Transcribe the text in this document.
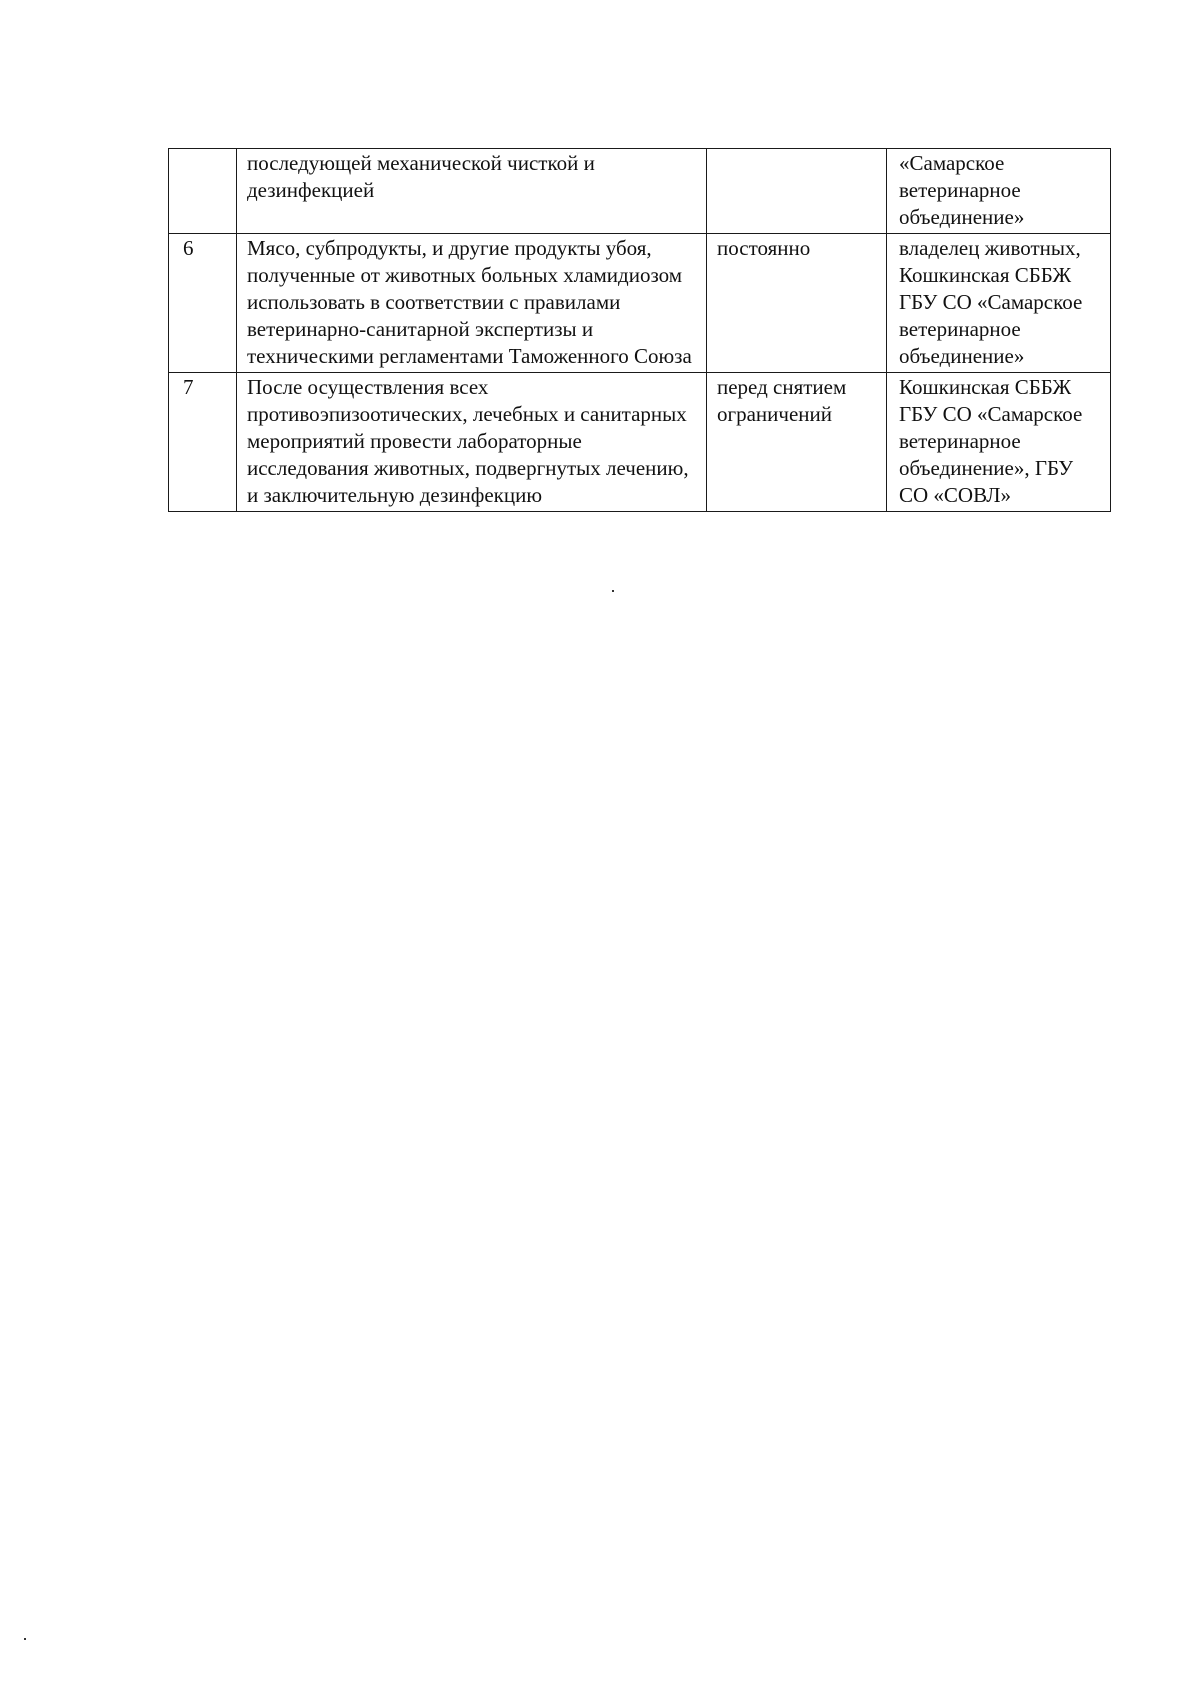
	последующей механической чисткой и дезинфекцией		«Самарское ветеринарное объединение»
6	Мясо, субпродукты, и другие продукты убоя, полученные от животных больных хламидиозом использовать в соответствии с правилами ветеринарно-санитарной экспертизы и техническими регламентами Таможенного Союза	постоянно	владелец животных, Кошкинская СББЖ ГБУ СО «Самарское ветеринарное объединение»
7	После осуществления всех противоэпизоотических, лечебных и санитарных мероприятий провести лабораторные исследования животных, подвергнутых лечению, и заключительную дезинфекцию	перед снятием ограничений	Кошкинская СББЖ ГБУ СО «Самарское ветеринарное объединение», ГБУ СО «СОВЛ»
